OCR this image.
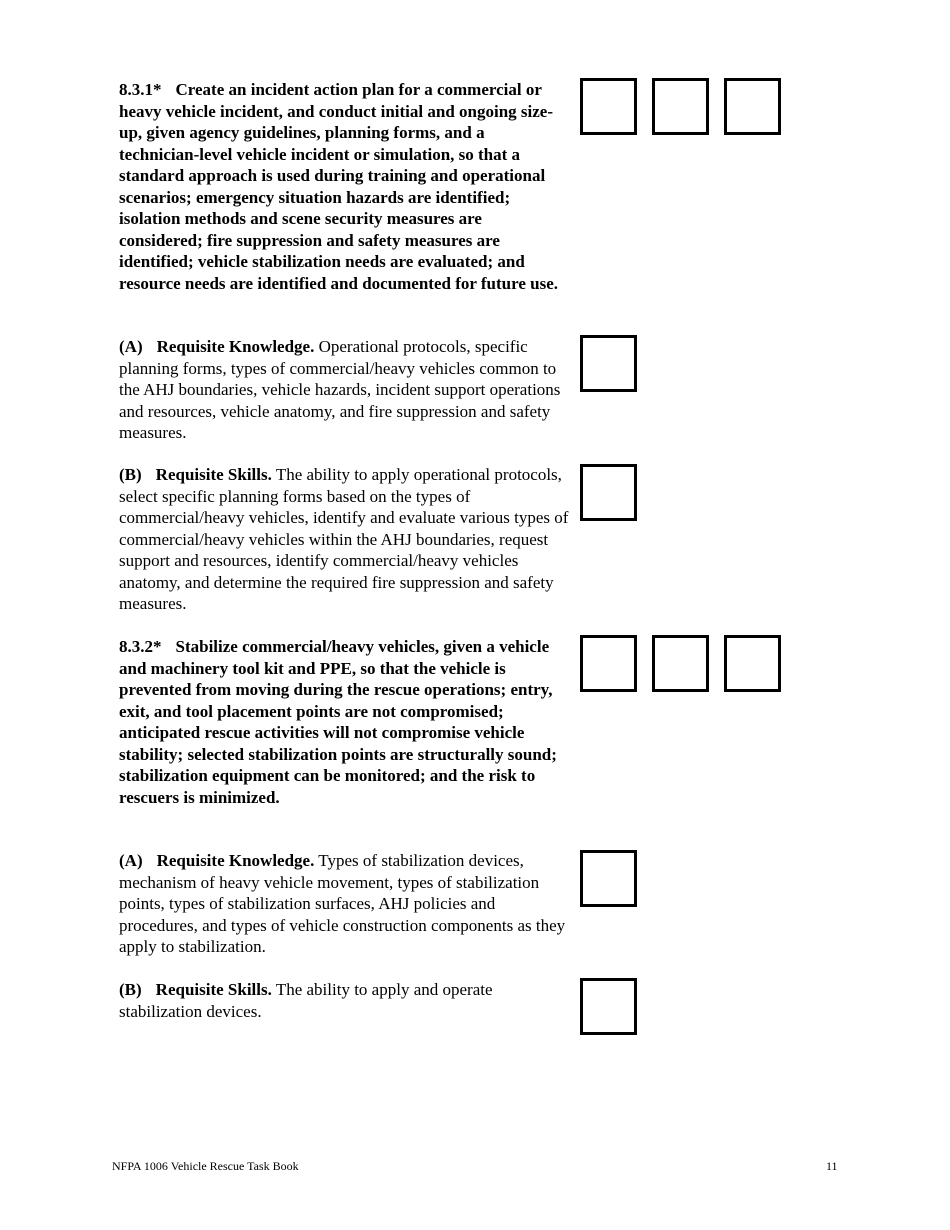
8.3.1* Create an incident action plan for a commercial or heavy vehicle incident, and conduct initial and ongoing size-up, given agency guidelines, planning forms, and a technician-level vehicle incident or simulation, so that a standard approach is used during training and operational scenarios; emergency situation hazards are identified; isolation methods and scene security measures are considered; fire suppression and safety measures are identified; vehicle stabilization needs are evaluated; and resource needs are identified and documented for future use.
(A) Requisite Knowledge. Operational protocols, specific planning forms, types of commercial/heavy vehicles common to the AHJ boundaries, vehicle hazards, incident support operations and resources, vehicle anatomy, and fire suppression and safety measures.
(B) Requisite Skills. The ability to apply operational protocols, select specific planning forms based on the types of commercial/heavy vehicles, identify and evaluate various types of commercial/heavy vehicles within the AHJ boundaries, request support and resources, identify commercial/heavy vehicles anatomy, and determine the required fire suppression and safety measures.
8.3.2* Stabilize commercial/heavy vehicles, given a vehicle and machinery tool kit and PPE, so that the vehicle is prevented from moving during the rescue operations; entry, exit, and tool placement points are not compromised; anticipated rescue activities will not compromise vehicle stability; selected stabilization points are structurally sound; stabilization equipment can be monitored; and the risk to rescuers is minimized.
(A) Requisite Knowledge. Types of stabilization devices, mechanism of heavy vehicle movement, types of stabilization points, types of stabilization surfaces, AHJ policies and procedures, and types of vehicle construction components as they apply to stabilization.
(B) Requisite Skills. The ability to apply and operate stabilization devices.
NFPA 1006 Vehicle Rescue Task Book	11
